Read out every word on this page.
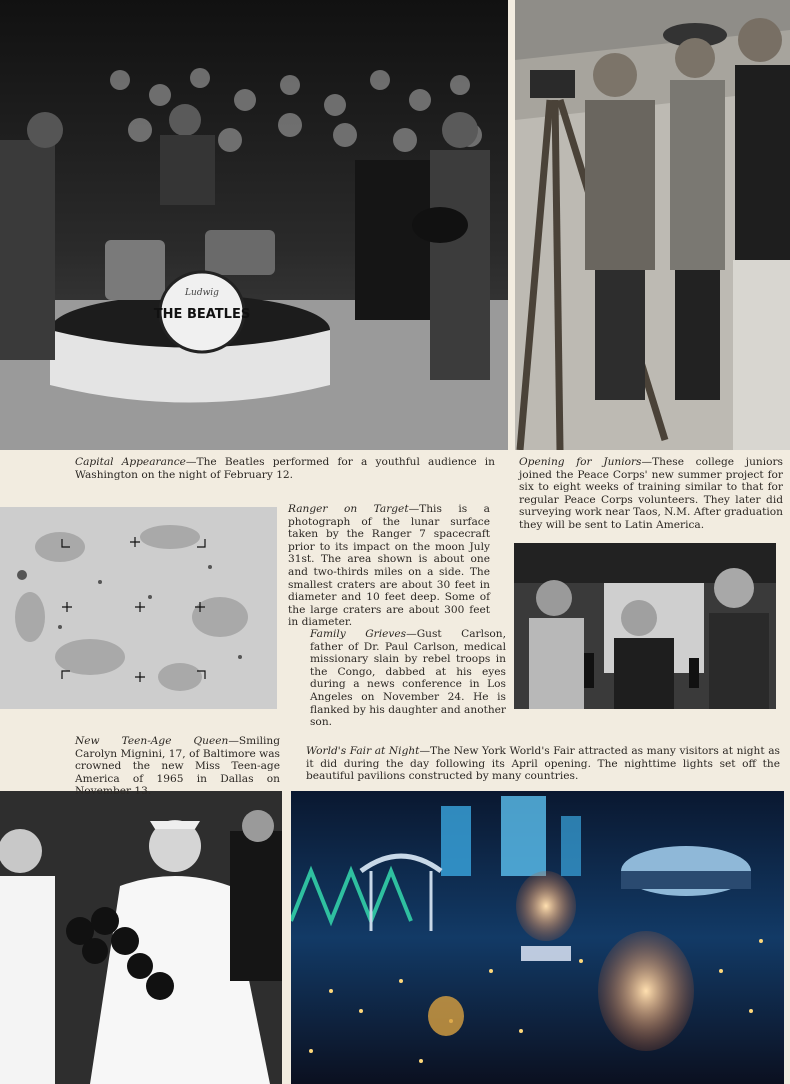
Ludwig
THE BEATLES
Capital Appearance—The Beatles performed for a youthful audience in Washington on the night of February 12.
Opening for Juniors—These college juniors joined the Peace Corps' new summer project for six to eight weeks of training similar to that for regular Peace Corps volunteers. They later did surveying work near Taos, N.M. After graduation they will be sent to Latin America.
Ranger on Target—This is a photograph of the lunar surface taken by the Ranger 7 spacecraft prior to its impact on the moon July 31st. The area shown is about one and two-thirds miles on a side. The smallest craters are about 30 feet in diameter and 10 feet deep. Some of the large craters are about 300 feet in diameter.
Family Grieves—Gust Carlson, father of Dr. Paul Carlson, medical missionary slain by rebel troops in the Congo, dabbed at his eyes during a news conference in Los Angeles on November 24. He is flanked by his daughter and another son.
New Teen-Age Queen—Smiling Carolyn Mignini, 17, of Baltimore was crowned the new Miss Teen-age America of 1965 in Dallas on November 13.
World's Fair at Night—The New York World's Fair attracted as many visitors at night as it did during the day following its April opening. The nighttime lights set off the beautiful pavilions constructed by many countries.
